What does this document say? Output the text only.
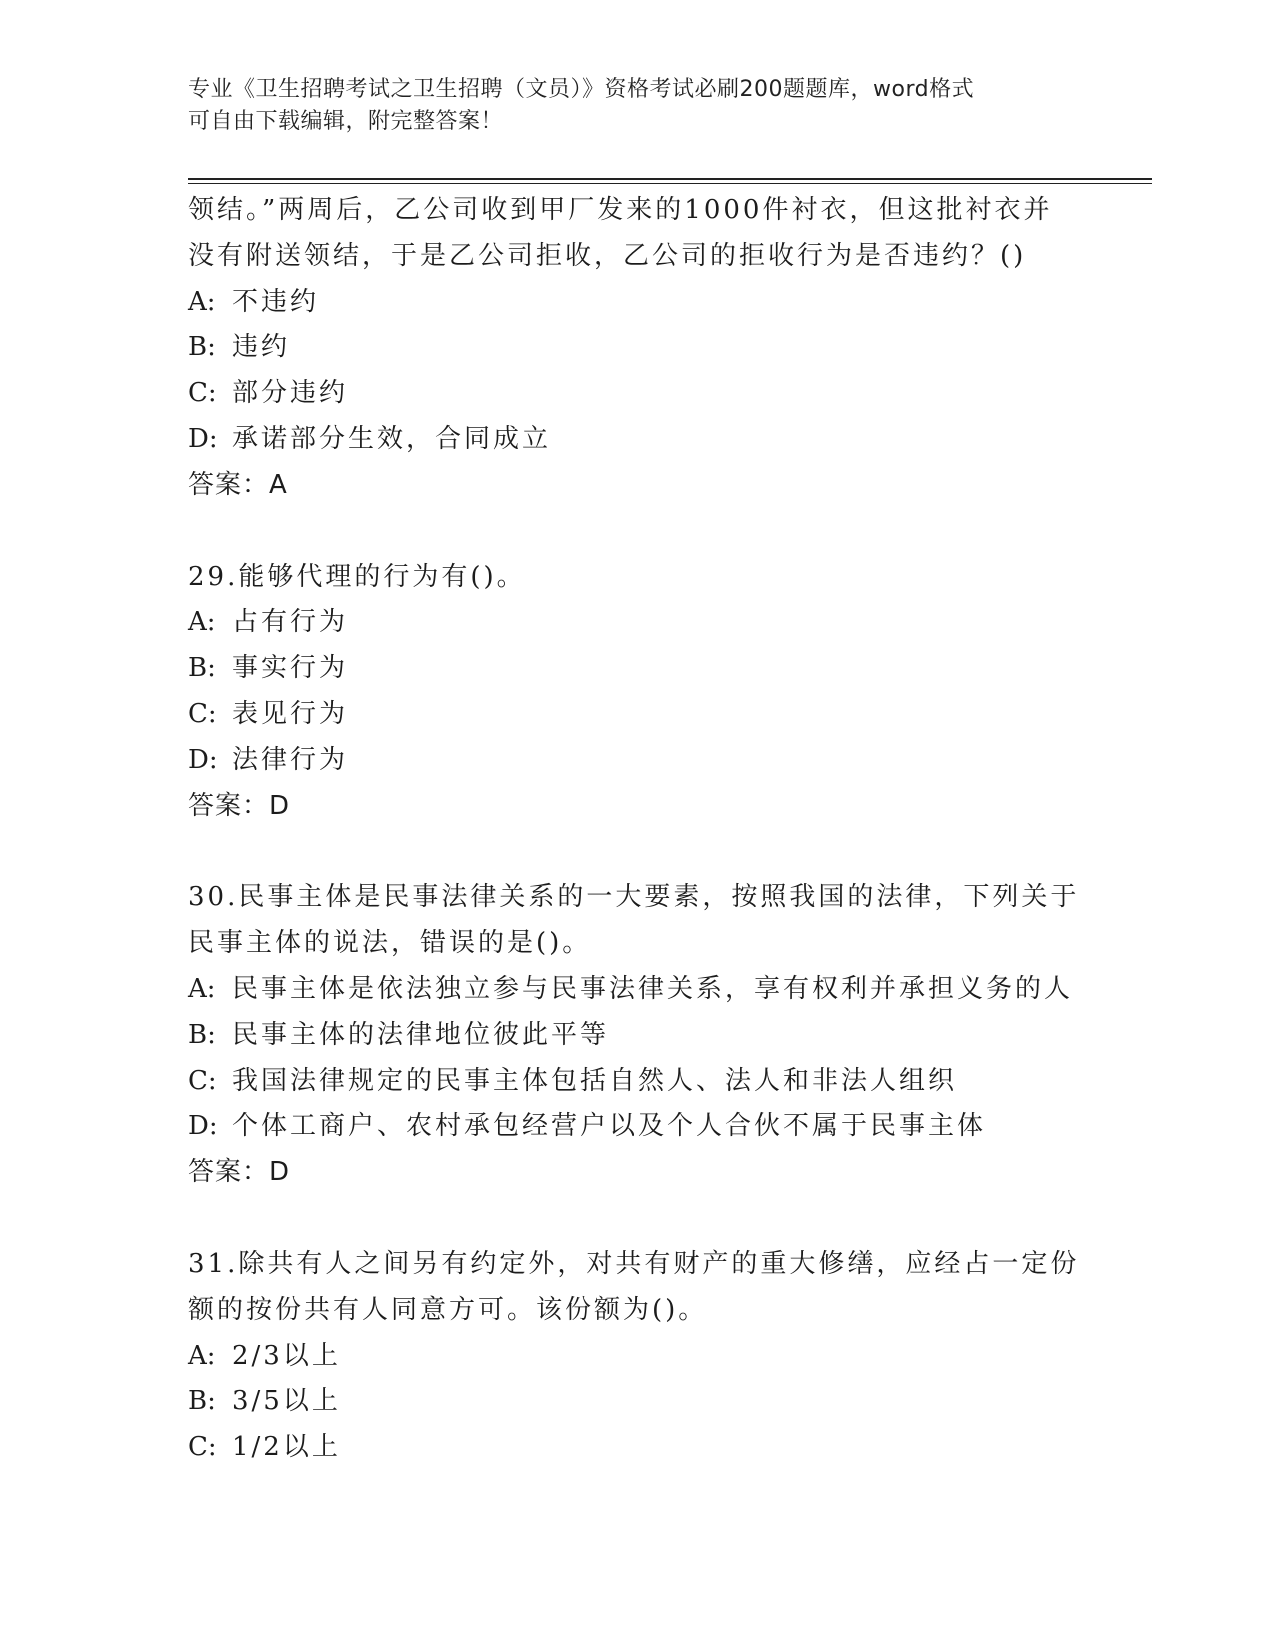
专业《卫生招聘考试之卫生招聘（文员）》资格考试必刷200题题库，word格式
可自由下载编辑，附完整答案！
领结。”两周后，乙公司收到甲厂发来的1000件衬衣，但这批衬衣并
没有附送领结，于是乙公司拒收，乙公司的拒收行为是否违约？()
A: 不违约
B: 违约
C: 部分违约
D: 承诺部分生效，合同成立
答案：A
29.能够代理的行为有()。
A: 占有行为
B: 事实行为
C: 表见行为
D: 法律行为
答案：D
30.民事主体是民事法律关系的一大要素，按照我国的法律，下列关于
民事主体的说法，错误的是()。
A: 民事主体是依法独立参与民事法律关系，享有权利并承担义务的人
B: 民事主体的法律地位彼此平等
C: 我国法律规定的民事主体包括自然人、法人和非法人组织
D: 个体工商户、农村承包经营户以及个人合伙不属于民事主体
答案：D
31.除共有人之间另有约定外，对共有财产的重大修缮，应经占一定份
额的按份共有人同意方可。该份额为()。
A: 2/3以上
B: 3/5以上
C: 1/2以上
